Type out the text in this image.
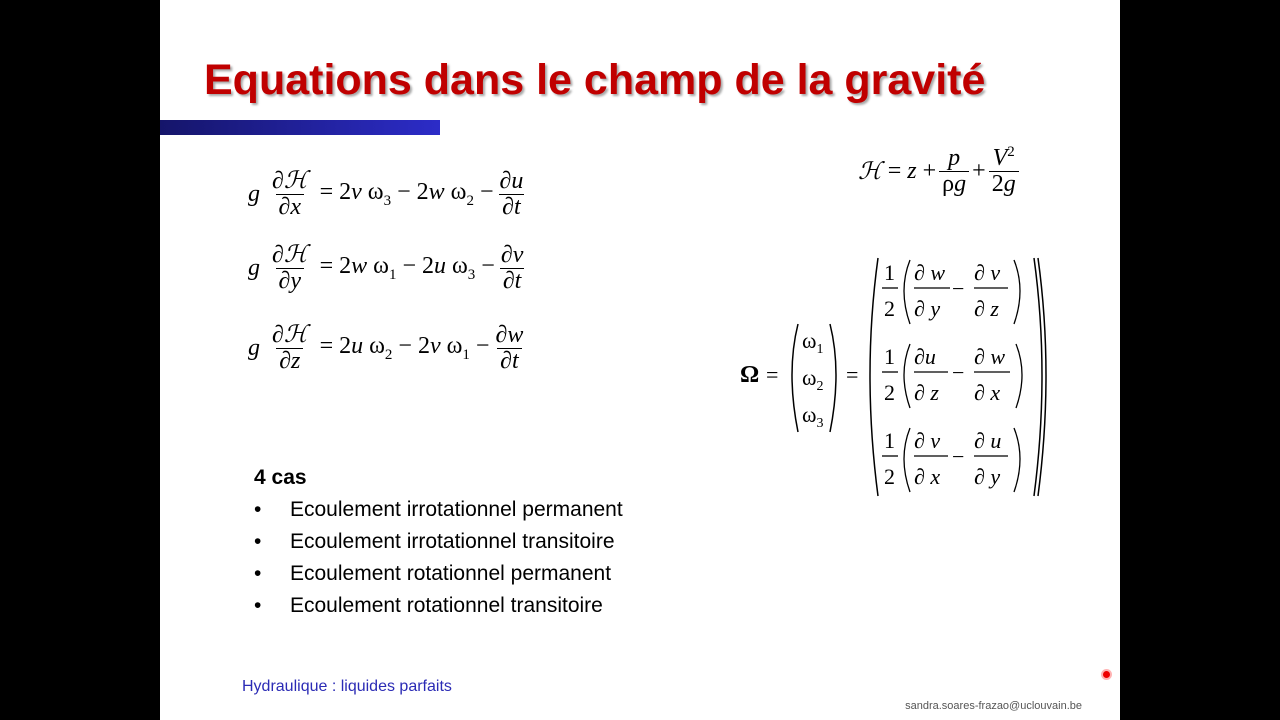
Equations dans le champ de la gravité
g $\frac{\text{∂ℋ}}{\partial x} = 2v$ $\omega_3 - 2w$ $\omega_2 - \frac{\partial u}{\partial t}$
g $\frac{\text{∂ℋ}}{\partial y} = 2w$ $\omega_1 - 2u$ $\omega_3 - \frac{\partial v}{\partial t}$
g $\frac{\text{∂ℋ}}{\partial z} = 2u$ $\omega_2 - 2v$ $\omega_1 - \frac{\partial w}{\partial t}$
ℋ = $z + \frac{p}{\rho g} + \frac{V^2}{2g}$
Ω =
$\omega_1$
$\omega_2$
$\omega_3$
=
1
2
∂ w
∂ y
−
∂ v
∂ z
1
2
∂u
∂ z
−
∂ w
∂ x
1
2
∂ v
∂ x
−
∂ u
∂ y
4 cas
•	Ecoulement irrotationnel permanent
•	Ecoulement irrotationnel transitoire
•	Ecoulement rotationnel permanent
•	Ecoulement rotationnel transitoire
Hydraulique : liquides parfaits
sandra.soares-frazao@uclouvain.be
